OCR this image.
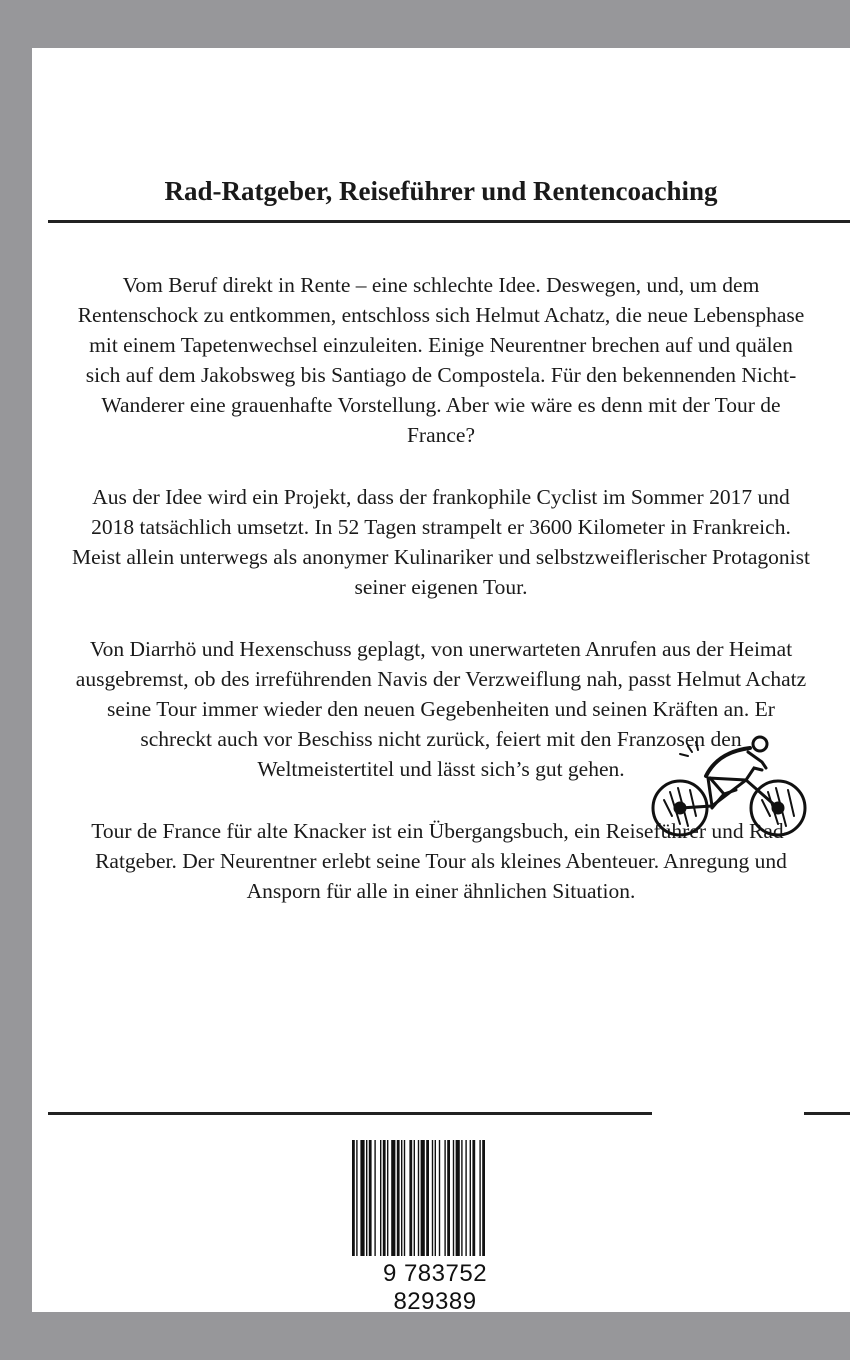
Rad-Ratgeber, Reiseführer und Rentencoaching

Vom Beruf direkt in Rente – eine schlechte Idee. Deswegen, und, um dem Rentenschock zu entkommen, entschloss sich Helmut Achatz, die neue Lebensphase mit einem Tapetenwechsel einzuleiten. Einige Neurentner brechen auf und quälen sich auf dem Jakobsweg bis Santiago de Compostela. Für den bekennenden Nicht-Wanderer eine grauenhafte Vorstellung. Aber wie wäre es denn mit der Tour de France?

Aus der Idee wird ein Projekt, dass der frankophile Cyclist im Sommer 2017 und 2018 tatsächlich umsetzt. In 52 Tagen strampelt er 3600 Kilometer in Frankreich. Meist allein unterwegs als anonymer Kulinariker und selbstzweiflerischer Protagonist seiner eigenen Tour.

Von Diarrhö und Hexenschuss geplagt, von unerwarteten Anrufen aus der Heimat ausgebremst, ob des irreführenden Navis der Verzweiflung nah, passt Helmut Achatz seine Tour immer wieder den neuen Gegebenheiten und seinen Kräften an. Er schreckt auch vor Beschiss nicht zurück, feiert mit den Franzosen den Weltmeistertitel und lässt sich’s gut gehen.

Tour de France für alte Knacker ist ein Übergangsbuch, ein Reiseführer und Rad-Ratgeber. Der Neurentner erlebt seine Tour als kleines Abenteuer. Anregung und Ansporn für alle in einer ähnlichen Situation.

9 783752 829389
